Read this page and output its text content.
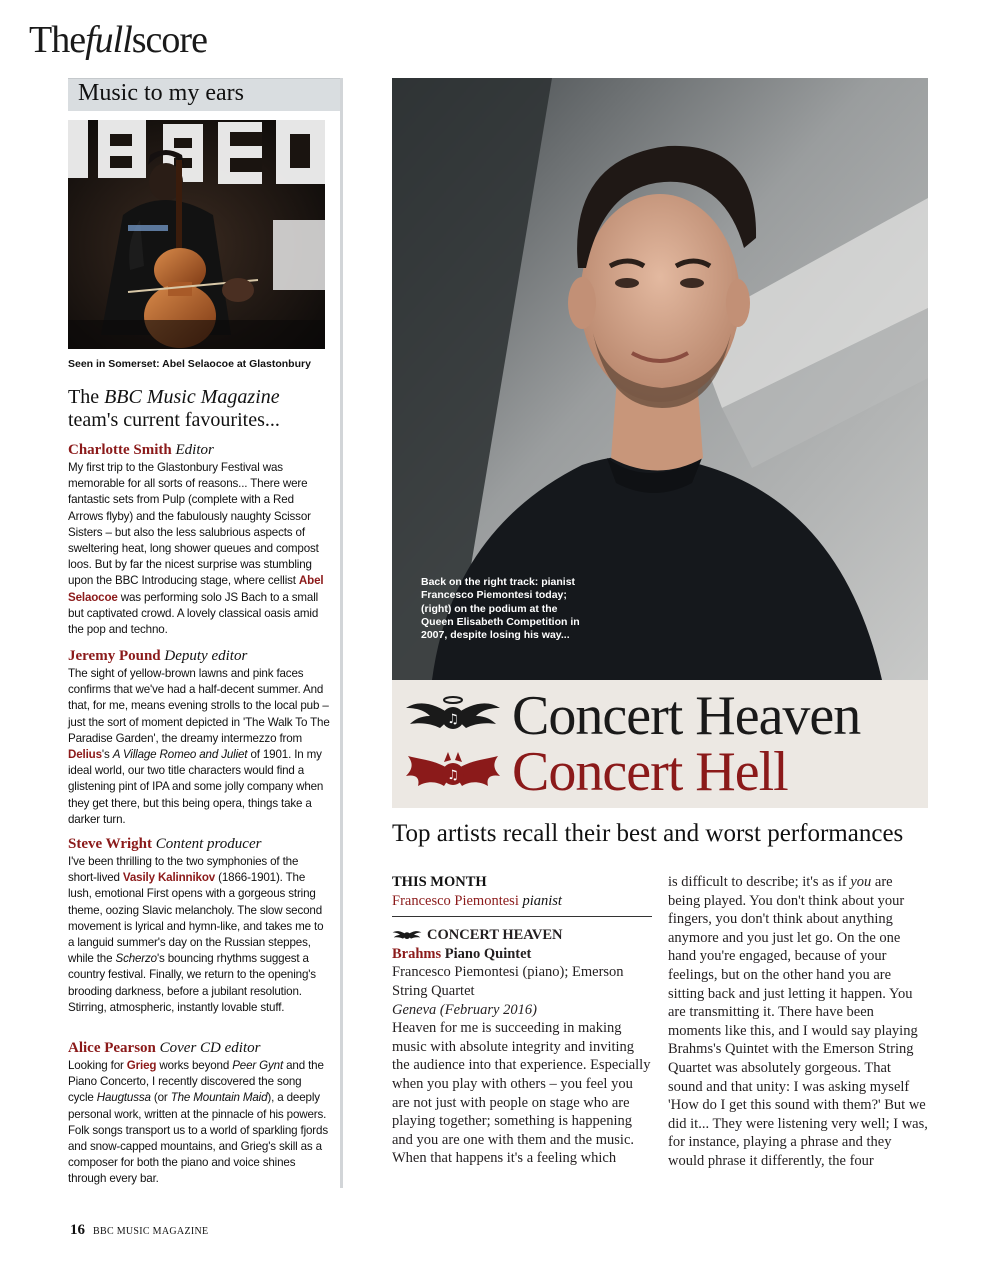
Thefullscore
Music to my ears
Seen in Somerset: Abel Selaocoe at Glastonbury
The BBC Music Magazine
team's current favourites...
Charlotte Smith Editor
My first trip to the Glastonbury Festival was memorable for all sorts of reasons... There were fantastic sets from Pulp (complete with a Red Arrows flyby) and the fabulously naughty Scissor Sisters – but also the less salubrious aspects of sweltering heat, long shower queues and compost loos. But by far the nicest surprise was stumbling upon the BBC Introducing stage, where cellist Abel Selaocoe was performing solo JS Bach to a small but captivated crowd. A lovely classical oasis amid the pop and techno.
Jeremy Pound Deputy editor
The sight of yellow-brown lawns and pink faces confirms that we've had a half-decent summer. And that, for me, means evening strolls to the local pub – just the sort of moment depicted in 'The Walk To The Paradise Garden', the dreamy intermezzo from Delius's A Village Romeo and Juliet of 1901. In my ideal world, our two title characters would find a glistening pint of IPA and some jolly company when they get there, but this being opera, things take a darker turn.
Steve Wright Content producer
I've been thrilling to the two symphonies of the short-lived Vasily Kalinnikov (1866-1901). The lush, emotional First opens with a gorgeous string theme, oozing Slavic melancholy. The slow second movement is lyrical and hymn-like, and takes me to a languid summer's day on the Russian steppes, while the Scherzo's bouncing rhythms suggest a country festival. Finally, we return to the opening's brooding darkness, before a jubilant resolution. Stirring, atmospheric, instantly lovable stuff.
Alice Pearson Cover CD editor
Looking for Grieg works beyond Peer Gynt and the Piano Concerto, I recently discovered the song cycle Haugtussa (or The Mountain Maid), a deeply personal work, written at the pinnacle of his powers. Folk songs transport us to a world of sparkling fjords and snow-capped mountains, and Grieg's skill as a composer for both the piano and voice shines through every bar.
Back on the right track: pianist Francesco Piemontesi today; (right) on the podium at the Queen Elisabeth Competition in 2007, despite losing his way...
♫
♫
Concert Heaven
Concert Hell
Top artists recall their best and worst performances
THIS MONTH
Francesco Piemontesi pianist
CONCERT HEAVEN
Brahms Piano Quintet
Francesco Piemontesi (piano); Emerson String Quartet
Geneva (February 2016)
Heaven for me is succeeding in making music with absolute integrity and inviting the audience into that experience. Especially when you play with others – you feel you are not just with people on stage who are playing together; something is happening and you are one with them and the music. When that happens it's a feeling which
is difficult to describe; it's as if you are being played. You don't think about your fingers, you don't think about anything anymore and you just let go. On the one hand you're engaged, because of your feelings, but on the other hand you are sitting back and just letting it happen. You are transmitting it. There have been moments like this, and I would say playing Brahms's Quintet with the Emerson String Quartet was absolutely gorgeous. That sound and that unity: I was asking myself 'How do I get this sound with them?' But we did it... They were listening very well; I was, for instance, playing a phrase and they would phrase it differently, the four
16 BBC MUSIC MAGAZINE
